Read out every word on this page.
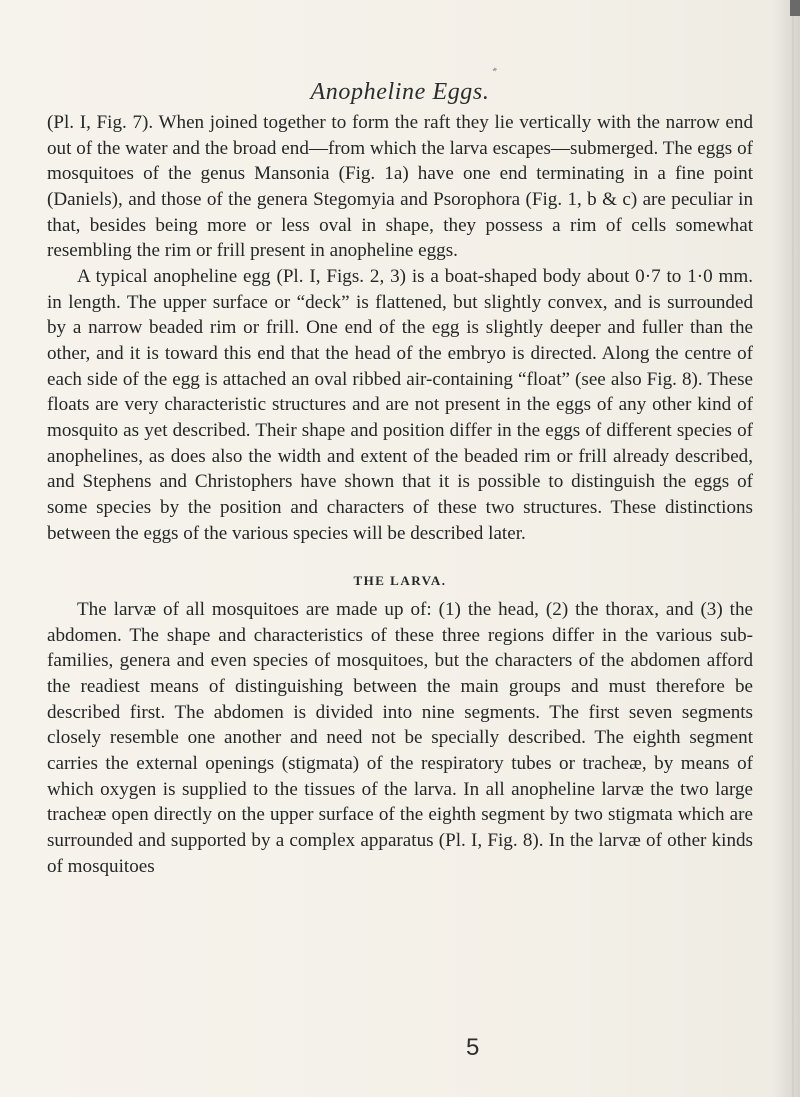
*
Anopheline Eggs.

(Pl. I, Fig. 7). When joined together to form the raft they lie vertically with the narrow end out of the water and the broad end—from which the larva escapes—submerged. The eggs of mosquitoes of the genus Mansonia (Fig. 1a) have one end terminating in a fine point (Daniels), and those of the genera Stegomyia and Psorophora (Fig. 1, b & c) are peculiar in that, besides being more or less oval in shape, they possess a rim of cells somewhat resembling the rim or frill present in anopheline eggs.

A typical anopheline egg (Pl. I, Figs. 2, 3) is a boat-shaped body about 0·7 to 1·0 mm. in length. The upper surface or “deck” is flattened, but slightly convex, and is surrounded by a narrow beaded rim or frill. One end of the egg is slightly deeper and fuller than the other, and it is toward this end that the head of the embryo is directed. Along the centre of each side of the egg is attached an oval ribbed air-containing “float” (see also Fig. 8). These floats are very characteristic structures and are not present in the eggs of any other kind of mosquito as yet described. Their shape and position differ in the eggs of different species of anophelines, as does also the width and extent of the beaded rim or frill already described, and Stephens and Christophers have shown that it is possible to distinguish the eggs of some species by the position and characters of these two structures. These distinctions between the eggs of the various species will be described later.

THE LARVA.

The larvæ of all mosquitoes are made up of: (1) the head, (2) the thorax, and (3) the abdomen. The shape and characteristics of these three regions differ in the various sub-families, genera and even species of mosquitoes, but the characters of the abdomen afford the readiest means of distinguishing between the main groups and must therefore be described first. The abdomen is divided into nine segments. The first seven segments closely resemble one another and need not be specially described. The eighth segment carries the external openings (stigmata) of the respiratory tubes or tracheæ, by means of which oxygen is supplied to the tissues of the larva. In all anopheline larvæ the two large tracheæ open directly on the upper surface of the eighth segment by two stigmata which are surrounded and supported by a complex apparatus (Pl. I, Fig. 8). In the larvæ of other kinds of mosquitoes

5
